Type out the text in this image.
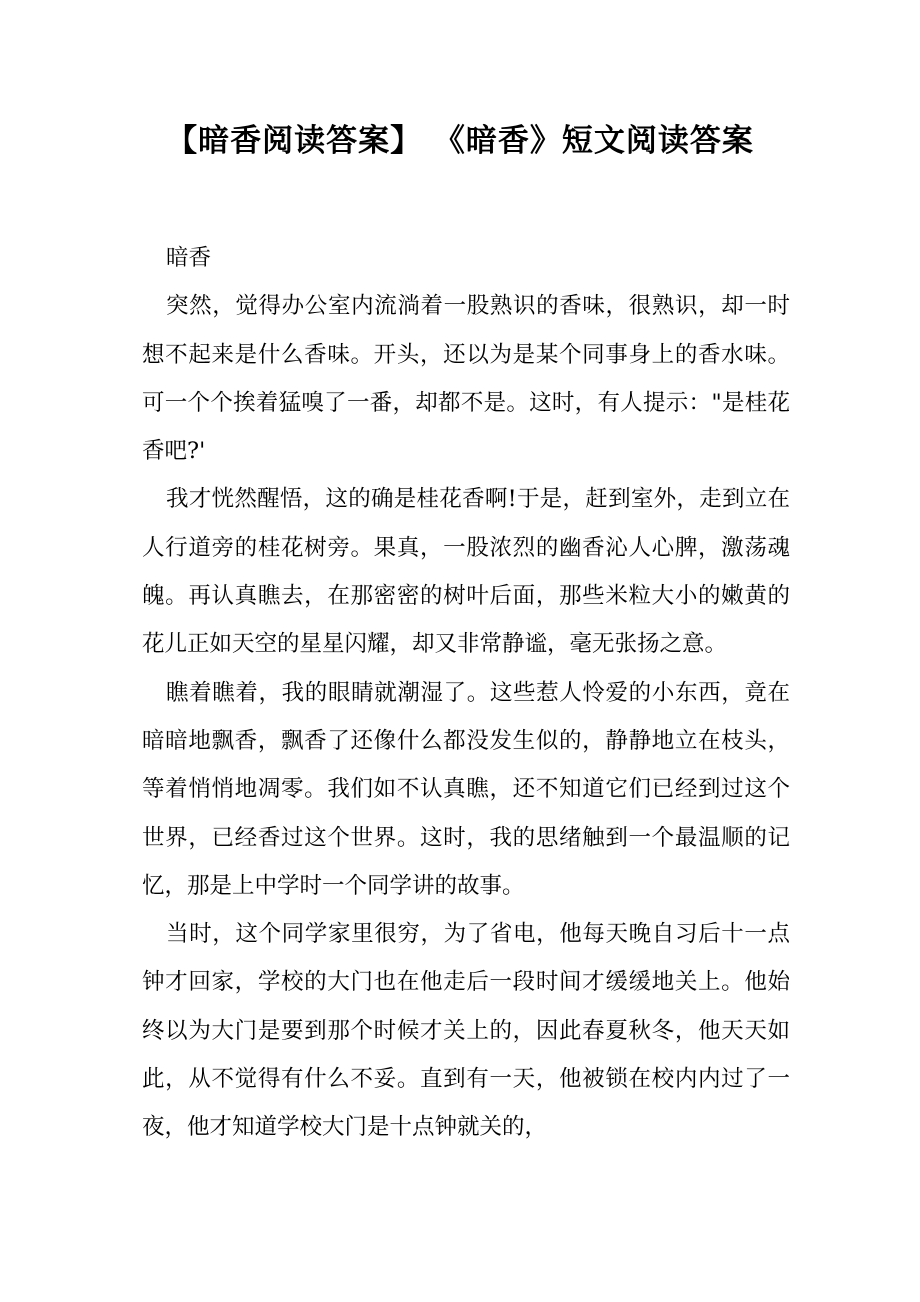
【暗香阅读答案】 《暗香》短文阅读答案

暗香

突然，觉得办公室内流淌着一股熟识的香味，很熟识，却一时想不起来是什么香味。开头，还以为是某个同事身上的香水味。可一个个挨着猛嗅了一番，却都不是。这时，有人提示："是桂花香吧?'

我才恍然醒悟，这的确是桂花香啊!于是，赶到室外，走到立在人行道旁的桂花树旁。果真，一股浓烈的幽香沁人心脾，激荡魂魄。再认真瞧去，在那密密的树叶后面，那些米粒大小的嫩黄的花儿正如天空的星星闪耀，却又非常静谧，毫无张扬之意。

瞧着瞧着，我的眼睛就潮湿了。这些惹人怜爱的小东西，竟在暗暗地飘香，飘香了还像什么都没发生似的，静静地立在枝头，等着悄悄地凋零。我们如不认真瞧，还不知道它们已经到过这个世界，已经香过这个世界。这时，我的思绪触到一个最温顺的记忆，那是上中学时一个同学讲的故事。

当时，这个同学家里很穷，为了省电，他每天晚自习后十一点钟才回家，学校的大门也在他走后一段时间才缓缓地关上。他始终以为大门是要到那个时候才关上的，因此春夏秋冬，他天天如此，从不觉得有什么不妥。直到有一天，他被锁在校内内过了一夜，他才知道学校大门是十点钟就关的，
